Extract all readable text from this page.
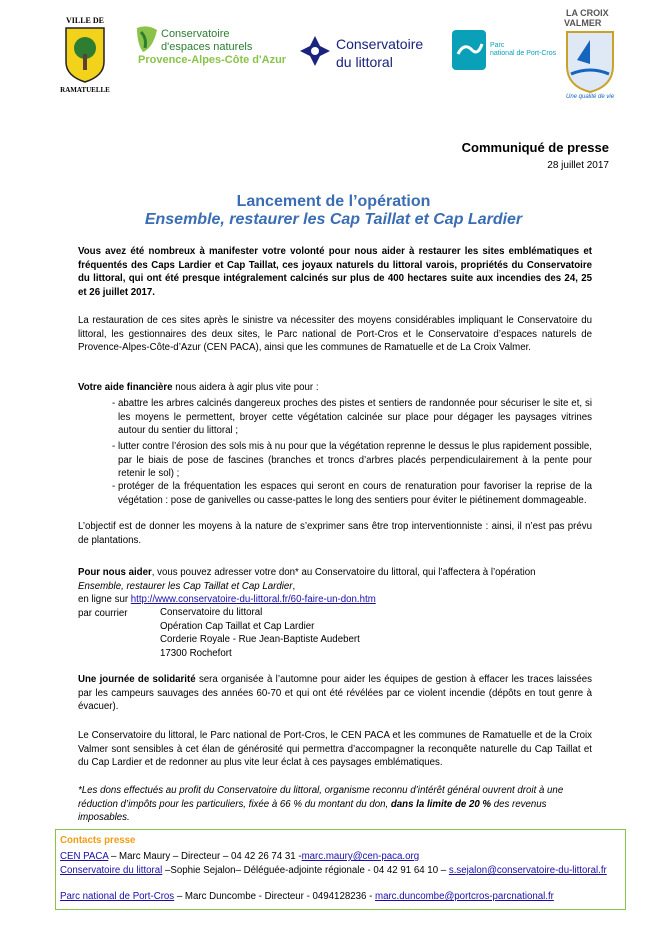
VILLE DE
RAMATUELLE
Conservatoire
d'espaces naturels
Provence-Alpes-Côte d'Azur
Conservatoire
du littoral
Parc
national de Port-Cros
LA CROIX
VALMER
Une qualité de vie
Communiqué de presse
28 juillet 2017
Lancement de l’opération
Ensemble, restaurer les Cap Taillat et Cap Lardier
Vous avez été nombreux à manifester votre volonté pour nous aider à restaurer les sites emblématiques et fréquentés des Caps Lardier et Cap Taillat, ces joyaux naturels du littoral varois, propriétés du Conservatoire du littoral, qui ont été presque intégralement calcinés sur plus de 400 hectares suite aux incendies des 24, 25 et 26 juillet 2017.
La restauration de ces sites après le sinistre va nécessiter des moyens considérables impliquant le Conservatoire du littoral, les gestionnaires des deux sites, le Parc national de Port-Cros et le Conservatoire d’espaces naturels de Provence-Alpes-Côte-d’Azur (CEN PACA), ainsi que les communes de Ramatuelle et de La Croix Valmer.
Votre aide financière nous aidera à agir plus vite pour :
- abattre les arbres calcinés dangereux proches des pistes et sentiers de randonnée pour sécuriser le site et, si les moyens le permettent, broyer cette végétation calcinée sur place pour dégager les paysages vitrines autour du sentier du littoral ;
- lutter contre l’érosion des sols mis à nu pour que la végétation reprenne le dessus le plus rapidement possible, par le biais de pose de fascines (branches et troncs d’arbres placés perpendiculairement à la pente pour retenir le sol) ;
- protéger de la fréquentation les espaces qui seront en cours de renaturation pour favoriser la reprise de la végétation : pose de ganivelles ou casse-pattes le long des sentiers pour éviter le piétinement dommageable.
L’objectif est de donner les moyens à la nature de s’exprimer sans être trop interventionniste : ainsi, il n’est pas prévu de plantations.
Pour nous aider, vous pouvez adresser votre don* au Conservatoire du littoral, qui l’affectera à l’opération
Ensemble, restaurer les Cap Taillat et Cap Lardier,
en ligne sur http://www.conservatoire-du-littoral.fr/60-faire-un-don.htm
par courrier	Conservatoire du littoral
Opération Cap Taillat et Cap Lardier
Corderie Royale - Rue Jean-Baptiste Audebert
17300 Rochefort
Une journée de solidarité sera organisée à l’automne pour aider les équipes de gestion à effacer les traces laissées par les campeurs sauvages des années 60-70 et qui ont été révélées par ce violent incendie (dépôts en tout genre à évacuer).
Le Conservatoire du littoral, le Parc national de Port-Cros, le CEN PACA et les communes de Ramatuelle et de la Croix Valmer sont sensibles à cet élan de générosité qui permettra d’accompagner la reconquête naturelle du Cap Taillat et du Cap Lardier et de redonner au plus vite leur éclat à ces paysages emblématiques.
*Les dons effectués au profit du Conservatoire du littoral, organisme reconnu d’intérêt général ouvrent droit à une réduction d’impôts pour les particuliers, fixée à 66 % du montant du don, dans la limite de 20 % des revenus imposables.
Contacts presse
CEN PACA – Marc Maury – Directeur – 04 42 26 74 31 -marc.maury@cen-paca.org
Conservatoire du littoral –Sophie Sejalon– Déléguée-adjointe régionale - 04 42 91 64 10 – s.sejalon@conservatoire-du-littoral.fr
Parc national de Port-Cros – Marc Duncombe - Directeur - 0494128236 - marc.duncombe@portcros-parcnational.fr
